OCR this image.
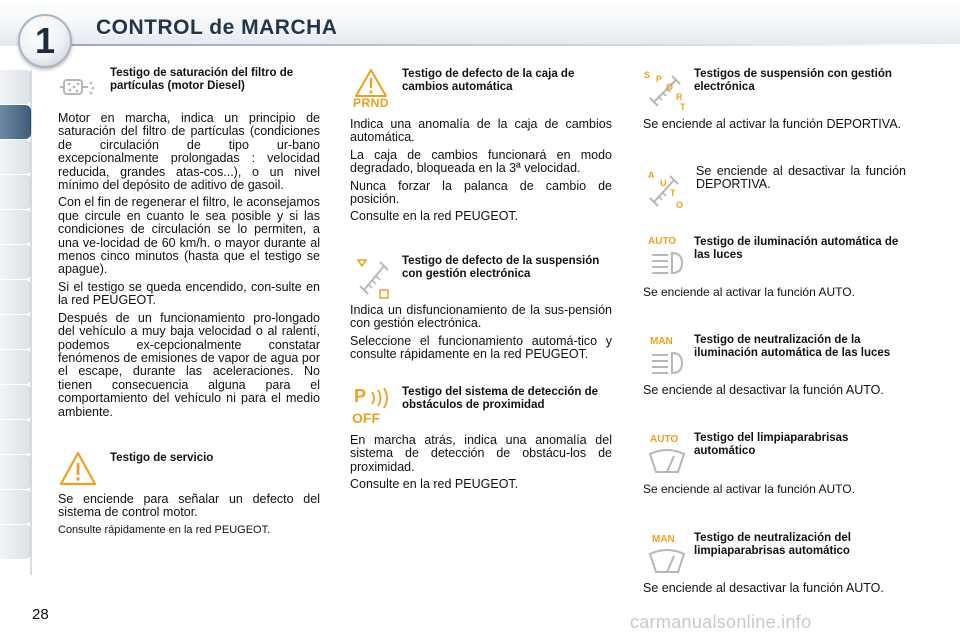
1	CONTROL de MARCHA
Testigo de saturación del filtro de partículas (motor Diesel)

Motor en marcha, indica un principio de saturación del filtro de partículas (condiciones de circulación de tipo ur-bano excepcionalmente prolongadas : velocidad reducida, grandes atas-cos...), o un nivel mínimo del depósito de aditivo de gasoil.

Con el fin de regenerar el filtro, le aconsejamos que circule en cuanto le sea posible y si las condiciones de circulación se lo permiten, a una ve-locidad de 60 km/h. o mayor durante al menos cinco minutos (hasta que el testigo se apague).

Si el testigo se queda encendido, con-sulte en la red PEUGEOT.

Después de un funcionamiento pro-longado del vehículo a muy baja velocidad o al ralentí, podemos ex-cepcionalmente constatar fenómenos de emisiones de vapor de agua por el escape, durante las aceleraciones. No tienen consecuencia alguna para el comportamiento del vehículo ni para el medio ambiente.

Testigo de servicio

Se enciende para señalar un defecto del sistema de control motor.

Consulte rápidamente en la red PEUGEOT.

PRND
Testigo de defecto de la caja de cambios automática

Indica una anomalía de la caja de cambios automática.

La caja de cambios funcionará en modo degradado, bloqueada en la 3ª velocidad.

Nunca forzar la palanca de cambio de posición.

Consulte en la red PEUGEOT.

Testigo de defecto de la suspensión con gestión electrónica

Indica un disfuncionamiento de la sus-pensión con gestión electrónica.

Seleccione el funcionamiento automá-tico y consulte rápidamente en la red PEUGEOT.

P
OFF
Testigo del sistema de detección de obstáculos de proximidad

En marcha atrás, indica una anomalía del sistema de detección de obstácu-los de proximidad.

Consulte en la red PEUGEOT.

S P
O
R
T
Testigos de suspensión con gestión electrónica

Se enciende al activar la función DEPORTIVA.

A
U
T
O

Se enciende al desactivar la función DEPORTIVA.

AUTO Testigo de iluminación automática de las luces

Se enciende al activar la función AUTO.

MAN Testigo de neutralización de la iluminación automática de las luces

Se enciende al desactivar la función AUTO.

AUTO Testigo del limpiaparabrisas automático

Se enciende al activar la función AUTO.

MAN Testigo de neutralización del limpiaparabrisas automático

Se enciende al desactivar la función AUTO.

28	carmanualsonline.info
